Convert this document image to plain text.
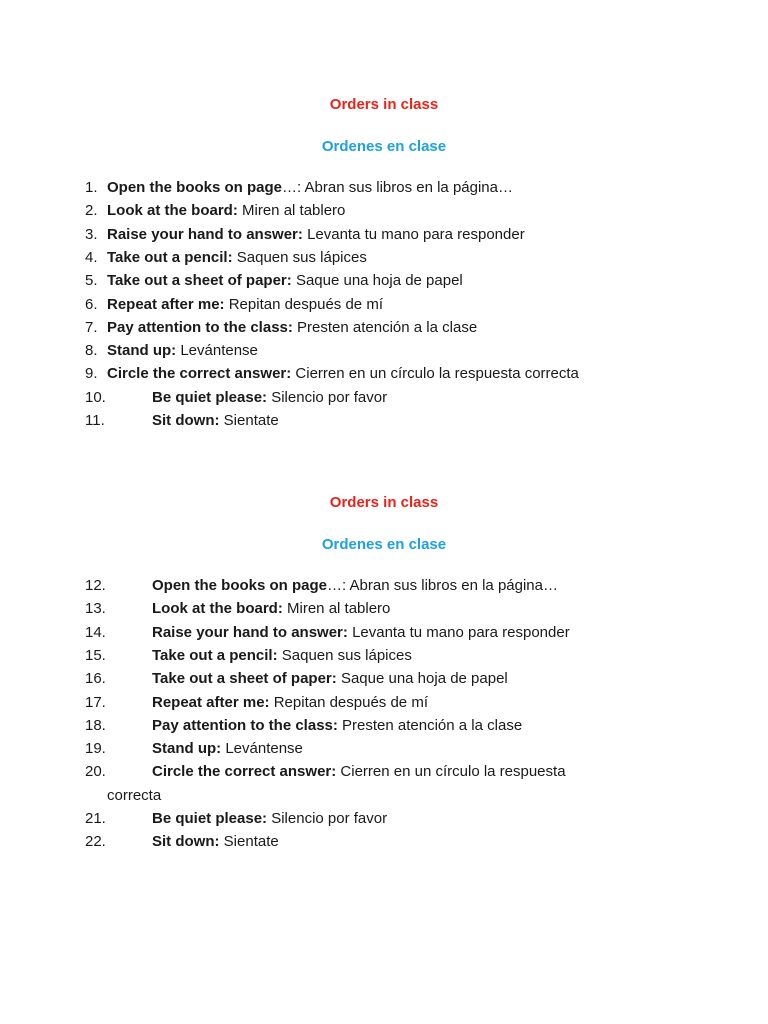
Orders in class
Ordenes en clase
1. Open the books on page…: Abran sus libros en la página…
2. Look at the board: Miren al tablero
3. Raise your hand to answer: Levanta tu mano para responder
4. Take out a pencil: Saquen sus lápices
5. Take out a sheet of paper: Saque una hoja de papel
6. Repeat after me: Repitan después de mí
7. Pay attention to the class: Presten atención a la clase
8. Stand up: Levántense
9. Circle the correct answer: Cierren en un círculo la respuesta correcta
10.	Be quiet please: Silencio por favor
11.	Sit down: Sientate
Orders in class
Ordenes en clase
12.	Open the books on page…: Abran sus libros en la página…
13.	Look at the board: Miren al tablero
14.	Raise your hand to answer: Levanta tu mano para responder
15.	Take out a pencil: Saquen sus lápices
16.	Take out a sheet of paper: Saque una hoja de papel
17.	Repeat after me: Repitan después de mí
18.	Pay attention to the class: Presten atención a la clase
19.	Stand up: Levántense
20.	Circle the correct answer: Cierren en un círculo la respuesta
correcta
21.	Be quiet please: Silencio por favor
22.	Sit down: Sientate
